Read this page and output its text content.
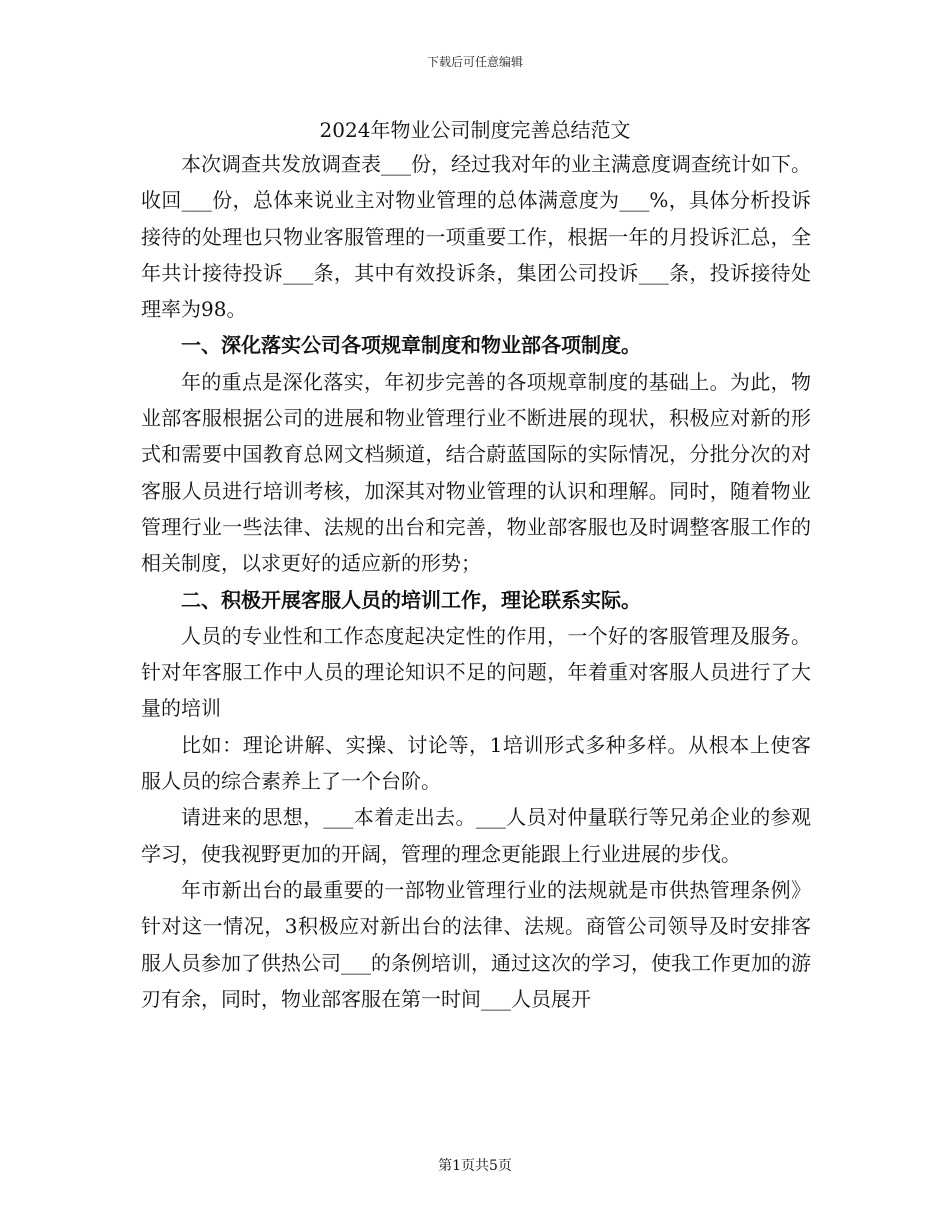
下载后可任意编辑
2024年物业公司制度完善总结范文

本次调查共发放调查表___份，经过我对年的业主满意度调查统计如下。收回___份，总体来说业主对物业管理的总体满意度为___%，具体分析投诉接待的处理也只物业客服管理的一项重要工作，根据一年的月投诉汇总，全年共计接待投诉___条，其中有效投诉条，集团公司投诉___条，投诉接待处理率为98。

一、深化落实公司各项规章制度和物业部各项制度。

年的重点是深化落实，年初步完善的各项规章制度的基础上。为此，物业部客服根据公司的进展和物业管理行业不断进展的现状，积极应对新的形式和需要中国教育总网文档频道，结合蔚蓝国际的实际情况，分批分次的对客服人员进行培训考核，加深其对物业管理的认识和理解。同时，随着物业管理行业一些法律、法规的出台和完善，物业部客服也及时调整客服工作的相关制度，以求更好的适应新的形势；

二、积极开展客服人员的培训工作，理论联系实际。

人员的专业性和工作态度起决定性的作用，一个好的客服管理及服务。针对年客服工作中人员的理论知识不足的问题，年着重对客服人员进行了大量的培训

比如：理论讲解、实操、讨论等，1培训形式多种多样。从根本上使客服人员的综合素养上了一个台阶。

请进来的思想，___本着走出去。___人员对仲量联行等兄弟企业的参观学习，使我视野更加的开阔，管理的理念更能跟上行业进展的步伐。

年市新出台的最重要的一部物业管理行业的法规就是市供热管理条例》针对这一情况，3积极应对新出台的法律、法规。商管公司领导及时安排客服人员参加了供热公司___的条例培训，通过这次的学习，使我工作更加的游刃有余，同时，物业部客服在第一时间___人员展开

第1页共5页
